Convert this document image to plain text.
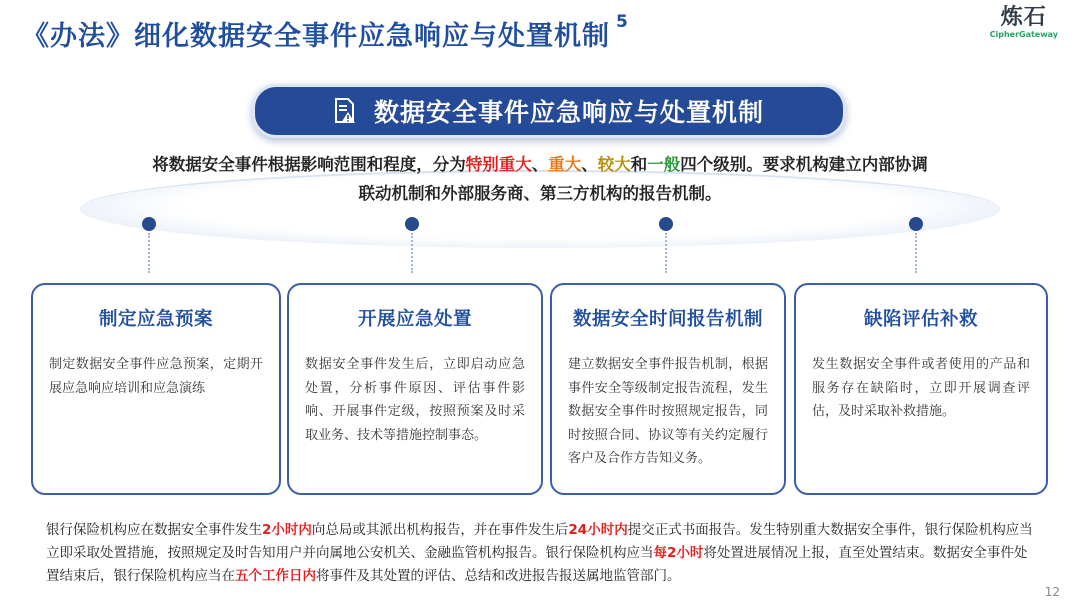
《办法》细化数据安全事件应急响应与处置机制 $^5$	炼石
CipherGateway
数据安全事件应急响应与处置机制
将数据安全事件根据影响范围和程度，分为特别重大、重大、较大和一般四个级别。要求机构建立内部协调
联动机制和外部服务商、第三方机构的报告机制。
制定应急预案
制定数据安全事件应急预案，定期开展应急响应培训和应急演练
开展应急处置
数据安全事件发生后，立即启动应急处置，分析事件原因、评估事件影响、开展事件定级，按照预案及时采取业务、技术等措施控制事态。
数据安全时间报告机制
建立数据安全事件报告机制，根据事件安全等级制定报告流程，发生数据安全事件时按照规定报告，同时按照合同、协议等有关约定履行客户及合作方告知义务。
缺陷评估补救
发生数据安全事件或者使用的产品和服务存在缺陷时，立即开展调查评估，及时采取补救措施。
银行保险机构应在数据安全事件发生2小时内向总局或其派出机构报告，并在事件发生后24小时内提交正式书面报告。发生特别重大数据安全事件，银行保险机构应当立即采取处置措施，按照规定及时告知用户并向属地公安机关、金融监管机构报告。银行保险机构应当每2小时将处置进展情况上报，直至处置结束。数据安全事件处置结束后，银行保险机构应当在五个工作日内将事件及其处置的评估、总结和改进报告报送属地监管部门。
12
